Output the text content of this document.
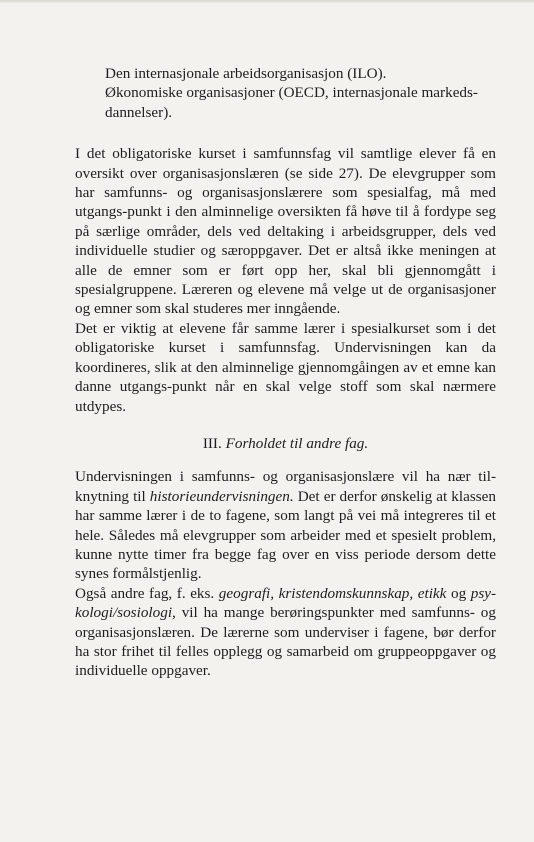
Den internasjonale arbeidsorganisasjon (ILO).

Økonomiske organisasjoner (OECD, internasjonale markeds-dannelser).

I det obligatoriske kurset i samfunnsfag vil samtlige elever få en oversikt over organisasjonslæren (se side 27). De elevgrupper som har samfunns- og organisasjonslærere som spesialfag, må med utgangs-punkt i den alminnelige oversikten få høve til å fordype seg på særlige områder, dels ved deltaking i arbeidsgrupper, dels ved individuelle studier og særoppgaver. Det er altså ikke meningen at alle de emner som er ført opp her, skal bli gjennomgått i spesialgruppene. Læreren og elevene må velge ut de organisasjoner og emner som skal studeres mer inngående.

Det er viktig at elevene får samme lærer i spesialkurset som i det obligatoriske kurset i samfunnsfag. Undervisningen kan da koordineres, slik at den alminnelige gjennomgåingen av et emne kan danne utgangs-punkt når en skal velge stoff som skal nærmere utdypes.

III. Forholdet til andre fag.

Undervisningen i samfunns- og organisasjonslære vil ha nær til-knytning til historieundervisningen. Det er derfor ønskelig at klassen har samme lærer i de to fagene, som langt på vei må integreres til et hele. Således må elevgrupper som arbeider med et spesielt problem, kunne nytte timer fra begge fag over en viss periode dersom dette synes formålstjenlig.

Også andre fag, f. eks. geografi, kristendomskunnskap, etikk og psy-kologi/sosiologi, vil ha mange berøringspunkter med samfunns- og organisasjonslæren. De lærerne som underviser i fagene, bør derfor ha stor frihet til felles opplegg og samarbeid om gruppeoppgaver og individuelle oppgaver.
